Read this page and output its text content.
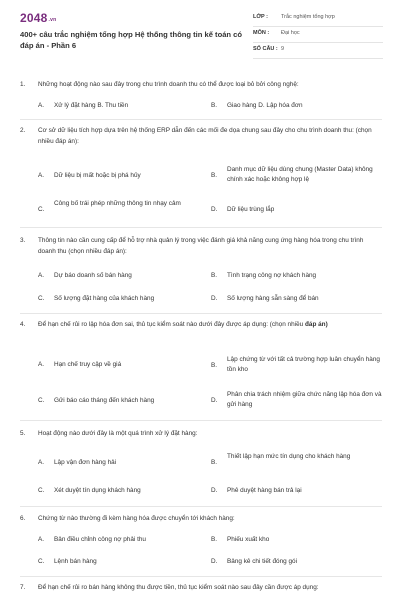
2048.vn
400+ câu trắc nghiệm tổng hợp Hệ thống thông tin kế toán có đáp án - Phần 6
LỚP : Trắc nghiệm tổng hợp
MÔN : Đại học
SỐ CÂU : 9
1. Những hoạt động nào sau đây trong chu trình doanh thu có thể được loại bỏ bởi công nghệ:
A.	Xử lý đặt hàng B. Thu tiền	B.	Giao hàng D. Lập hóa đơn
2. Cơ sở dữ liệu tích hợp dựa trên hệ thống ERP dẫn đến các mối đe dọa chung sau đây cho chu trình doanh thu: (chọn nhiều đáp án):
A.	Dữ liệu bị mất hoặc bị phá hủy	B.
Danh mục dữ liệu dùng chung (Master Data) không chính xác hoặc không hợp lệ
C.
Công bố trái phép những thông tin nhạy cảm
D.	Dữ liệu trùng lắp
3. Thông tin nào cần cung cấp để hỗ trợ nhà quản lý trong việc đánh giá khả năng cung ứng hàng hóa trong chu trình doanh thu (chọn nhiều đáp án):
A.	Dự báo doanh số bán hàng	B.	Tình trạng công nợ khách hàng
C.	Số lượng đặt hàng của khách hàng	D.	Số lượng hàng sẵn sàng để bán
4. Để hạn chế rủi ro lập hóa đơn sai, thủ tục kiểm soát nào dưới đây được áp dụng: (chọn nhiều đáp án)
A.	Hạn chế truy cập về giá	B.
Lập chứng từ với tất cả trường hợp luân chuyển hàng tồn kho
C.	Gửi báo cáo tháng đến khách hàng	D.
Phân chia trách nhiệm giữa chức năng lập hóa đơn và gửi hàng
5. Hoạt động nào dưới đây là một quá trình xử lý đặt hàng:
A.	Lập vận đơn hàng hải	B.
Thiết lập hạn mức tín dụng cho khách hàng
C.	Xét duyệt tín dụng khách hàng	D.	Phê duyệt hàng bán trả lại
6. Chứng từ nào thường đi kèm hàng hóa được chuyển tới khách hàng:
A.	Bản điều chỉnh công nợ phải thu	B.	Phiếu xuất kho
C.	Lệnh bán hàng	D.	Bảng kê chi tiết đóng gói
7. Để hạn chế rủi ro bán hàng không thu được tiền, thủ tục kiểm soát nào sau đây cần được áp dụng:
